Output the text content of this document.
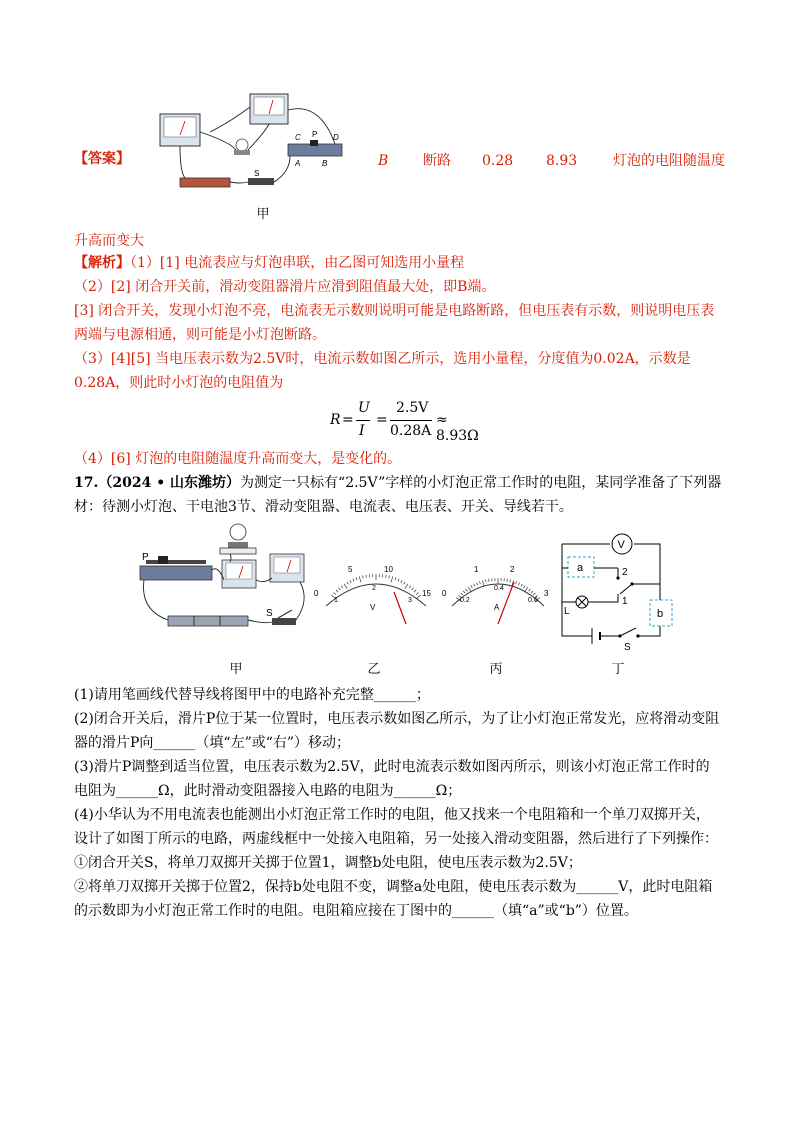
【答案】
C P D
A	B
S
甲
B 断路 0.28 8.93	灯泡的电阻随温度
升高而变大
【解析】（1）[1] 电流表应与灯泡串联，由乙图可知选用小量程
（2）[2] 闭合开关前，滑动变阻器滑片应滑到阻值最大处，即B端。
[3] 闭合开关，发现小灯泡不亮，电流表无示数则说明可能是电路断路，但电压表有示数，则说明电压表
两端与电源相通，则可能是小灯泡断路。
（3）[4][5] 当电压表示数为2.5V时，电流示数如图乙所示，选用小量程，分度值为0.02A，示数是
0.28A，则此时小灯泡的电阻值为
R =
U
I
=
2.5V
0.28A
≈ 8.93Ω
（4）[6] 灯泡的电阻随温度升高而变大，是变化的。
17.（2024 • 山东潍坊）为测定一只标有“2.5V”字样的小灯泡正常工作时的电阻，某同学准备了下列器
材：待测小灯泡、干电池3节、滑动变阻器、电流表、电压表、开关、导线若干。
P
S
0
5	10
15
1
2
3
V
0
1	2
3
0.2
0.4
0.6
A
V
a
L
2
1
b
S
甲	乙	丙	丁
(1)请用笔画线代替导线将图甲中的电路补充完整______；
(2)闭合开关后，滑片P位于某一位置时，电压表示数如图乙所示，为了让小灯泡正常发光，应将滑动变阻
器的滑片P向______（填“左”或“右”）移动；
(3)滑片P调整到适当位置，电压表示数为2.5V，此时电流表示数如图丙所示，则该小灯泡正常工作时的
电阻为______Ω，此时滑动变阻器接入电路的电阻为______Ω；
(4)小华认为不用电流表也能测出小灯泡正常工作时的电阻，他又找来一个电阻箱和一个单刀双掷开关，
设计了如图丁所示的电路，两虚线框中一处接入电阻箱，另一处接入滑动变阻器，然后进行了下列操作：
①闭合开关S，将单刀双掷开关掷于位置1，调整b处电阻，使电压表示数为2.5V；
②将单刀双掷开关掷于位置2，保持b处电阻不变，调整a处电阻，使电压表示数为______V，此时电阻箱
的示数即为小灯泡正常工作时的电阻。电阻箱应接在丁图中的______（填“a”或“b”）位置。
